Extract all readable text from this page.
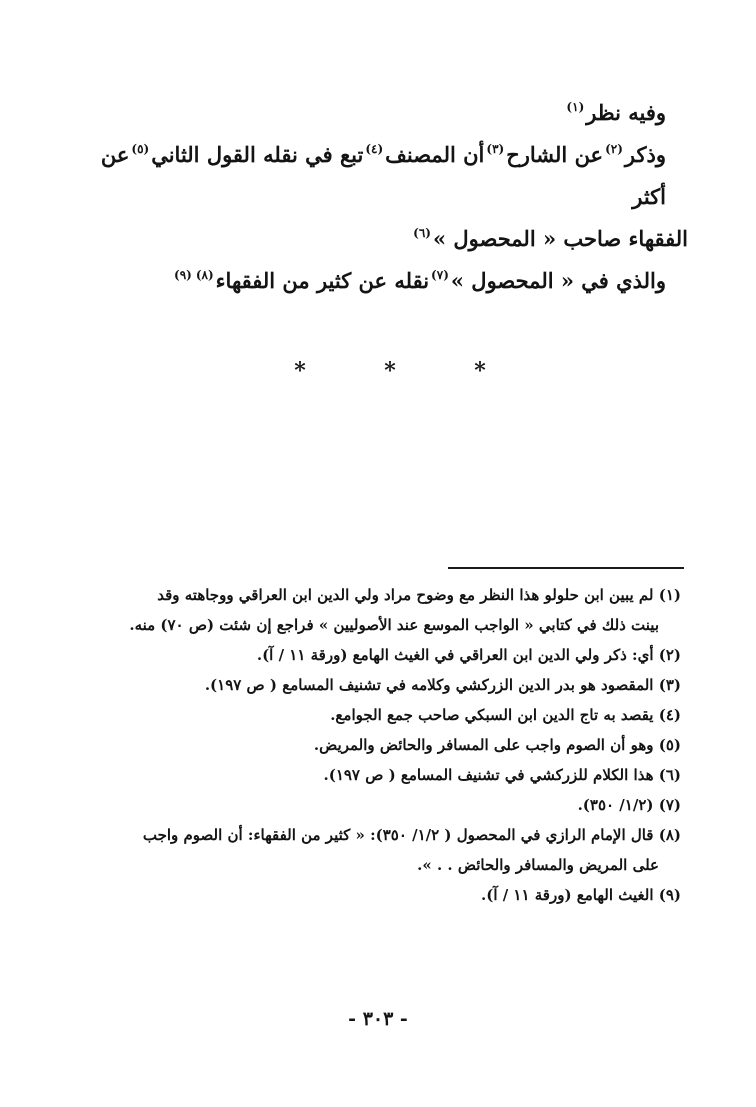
وفيه نظر$^{(١)}$

وذكر$^{(٢)}$عن الشارح$^{(٣)}$أن المصنف$^{(٤)}$تبع في نقله القول الثاني$^{(٥)}$عن أكثر

الفقهاء صاحب « المحصول »$^{(٦)}$

والذي في « المحصول »$^{(٧)}$نقله عن كثير من الفقهاء$^{(٨)(٩)}$

*	*	*

(١) لم يبين ابن حلولو هذا النظر مع وضوح مراد ولي الدين ابن العراقي ووجاهته وقد
بينت ذلك في كتابي « الواجب الموسع عند الأصوليين » فراجع إن شئت (ص ٧٠) منه.

(٢) أي: ذكر ولي الدين ابن العراقي في الغيث الهامع (ورقة ١١ / آ).

(٣) المقصود هو بدر الدين الزركشي وكلامه في تشنيف المسامع ( ص ١٩٧).

(٤) يقصد به تاج الدين ابن السبكي صاحب جمع الجوامع.

(٥) وهو أن الصوم واجب على المسافر والحائض والمريض.

(٦) هذا الكلام للزركشي في تشنيف المسامع ( ص ١٩٧).

(٧) (١/٢/ ٣٥٠).

(٨) قال الإمام الرازي في المحصول ( ١/٢/ ٣٥٠): « كثير من الفقهاء: أن الصوم واجب
على المريض والمسافر والحائض . . ».

(٩) الغيث الهامع (ورقة ١١ / آ).

- ٣٠٣ -
